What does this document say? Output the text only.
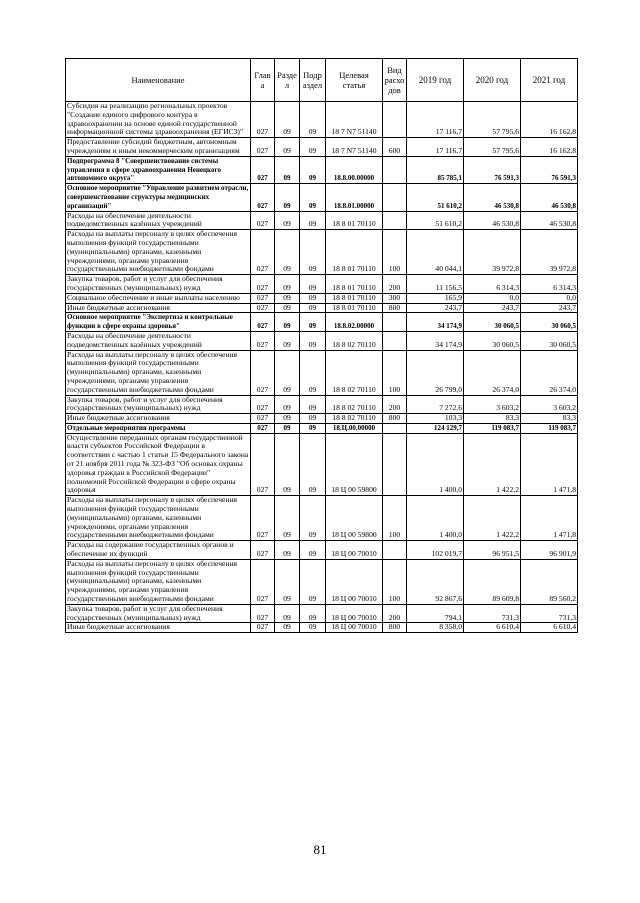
Наименование	Глав а	Разде л	Подр аздел	Целевая статья	Вид расхо дов	2019 год	2020 год	2021 год
Субсидия на реализацию региональных проектов "Создание единого цифрового контура в здравоохранении на основе единой государственной информационной системы здравоохранения (ЕГИСЗ)"	027	09	09	18 7 N7 51140		17 116,7	57 795,6	16 162,8
Предоставление субсидий бюджетным, автономным учреждениям и иным некоммерческим организациям	027	09	09	18 7 N7 51140	600	17 116,7	57 795,6	16 162,8
Подпрограмма 8 "Совершенствование системы управления в сфере здравоохранения Ненецкого автономного округа"	027	09	09	18.8.00.00000		85 785,1	76 591,3	76 591,3
Основное мероприятие "Управление развитием отрасли, совершенствование структуры медицинских организаций"	027	09	09	18.8.01.00000		51 610,2	46 530,8	46 530,8
Расходы на обеспечение деятельности подведомственных казённых учреждений	027	09	09	18 8 01 70110		51 610,2	46 530,8	46 530,8
Расходы на выплаты персоналу в целях обеспечения выполнения функций государственными (муниципальными) органами, казенными учреждениями, органами управления государственными внебюджетными фондами	027	09	09	18 8 01 70110	100	40 044,1	39 972,8	39 972,8
Закупка товаров, работ и услуг для обеспечения государственных (муниципальных) нужд	027	09	09	18 8 01 70110	200	11 156,5	6 314,3	6 314,3
Социальное обеспечение и иные выплаты населению	027	09	09	18 8 01 70110	300	165,9	0,0	0,0
Иные бюджетные ассигнования	027	09	09	18 8 01 70110	800	243,7	243,7	243,7
Основное мероприятие "Экспертиза и контрольные функции в сфере охраны здоровья"	027	09	09	18.8.02.00000		34 174,9	30 060,5	30 060,5
Расходы на обеспечение деятельности подведомственных казённых учреждений	027	09	09	18 8 02 70110		34 174,9	30 060,5	30 060,5
Расходы на выплаты персоналу в целях обеспечения выполнения функций государственными (муниципальными) органами, казенными учреждениями, органами управления государственными внебюджетными фондами	027	09	09	18 8 02 70110	100	26 799,0	26 374,0	26 374,0
Закупка товаров, работ и услуг для обеспечения государственных (муниципальных) нужд	027	09	09	18 8 02 70110	200	7 272,6	3 603,2	3 603,2
Иные бюджетные ассигнования	027	09	09	18 8 02 70110	800	103,3	83,3	83,3
Отдельные мероприятия программы	027	09	09	18.Ц.00.00000		124 129,7	119 083,7	119 083,7
Осуществление переданных органам государственной власти субъектов Российской Федерации в соответствии с частью 1 статьи 15 Федерального закона от 21 ноября 2011 года № 323-ФЗ "Об основах охраны здоровья граждан в Российской Федерации" полномочий Российской Федерации в сфере охраны здоровья	027	09	09	18 Ц 00 59800		1 400,0	1 422,2	1 471,8
Расходы на выплаты персоналу в целях обеспечения выполнения функций государственными (муниципальными) органами, казенными учреждениями, органами управления государственными внебюджетными фондами	027	09	09	18 Ц 00 59800	100	1 400,0	1 422,2	1 471,8
Расходы на содержание государственных органов и обеспечение их функций	027	09	09	18 Ц 00 70010		102 019,7	96 951,5	96 901,9
Расходы на выплаты персоналу в целях обеспечения выполнения функций государственными (муниципальными) органами, казенными учреждениями, органами управления государственными внебюджетными фондами	027	09	09	18 Ц 00 70010	100	92 867,6	89 609,8	89 560,2
Закупка товаров, работ и услуг для обеспечения государственных (муниципальных) нужд	027	09	09	18 Ц 00 70010	200	794,1	731,3	731,3
Иные бюджетные ассигнования	027	09	09	18 Ц 00 70010	800	8 358,0	6 610,4	6 610,4
81
